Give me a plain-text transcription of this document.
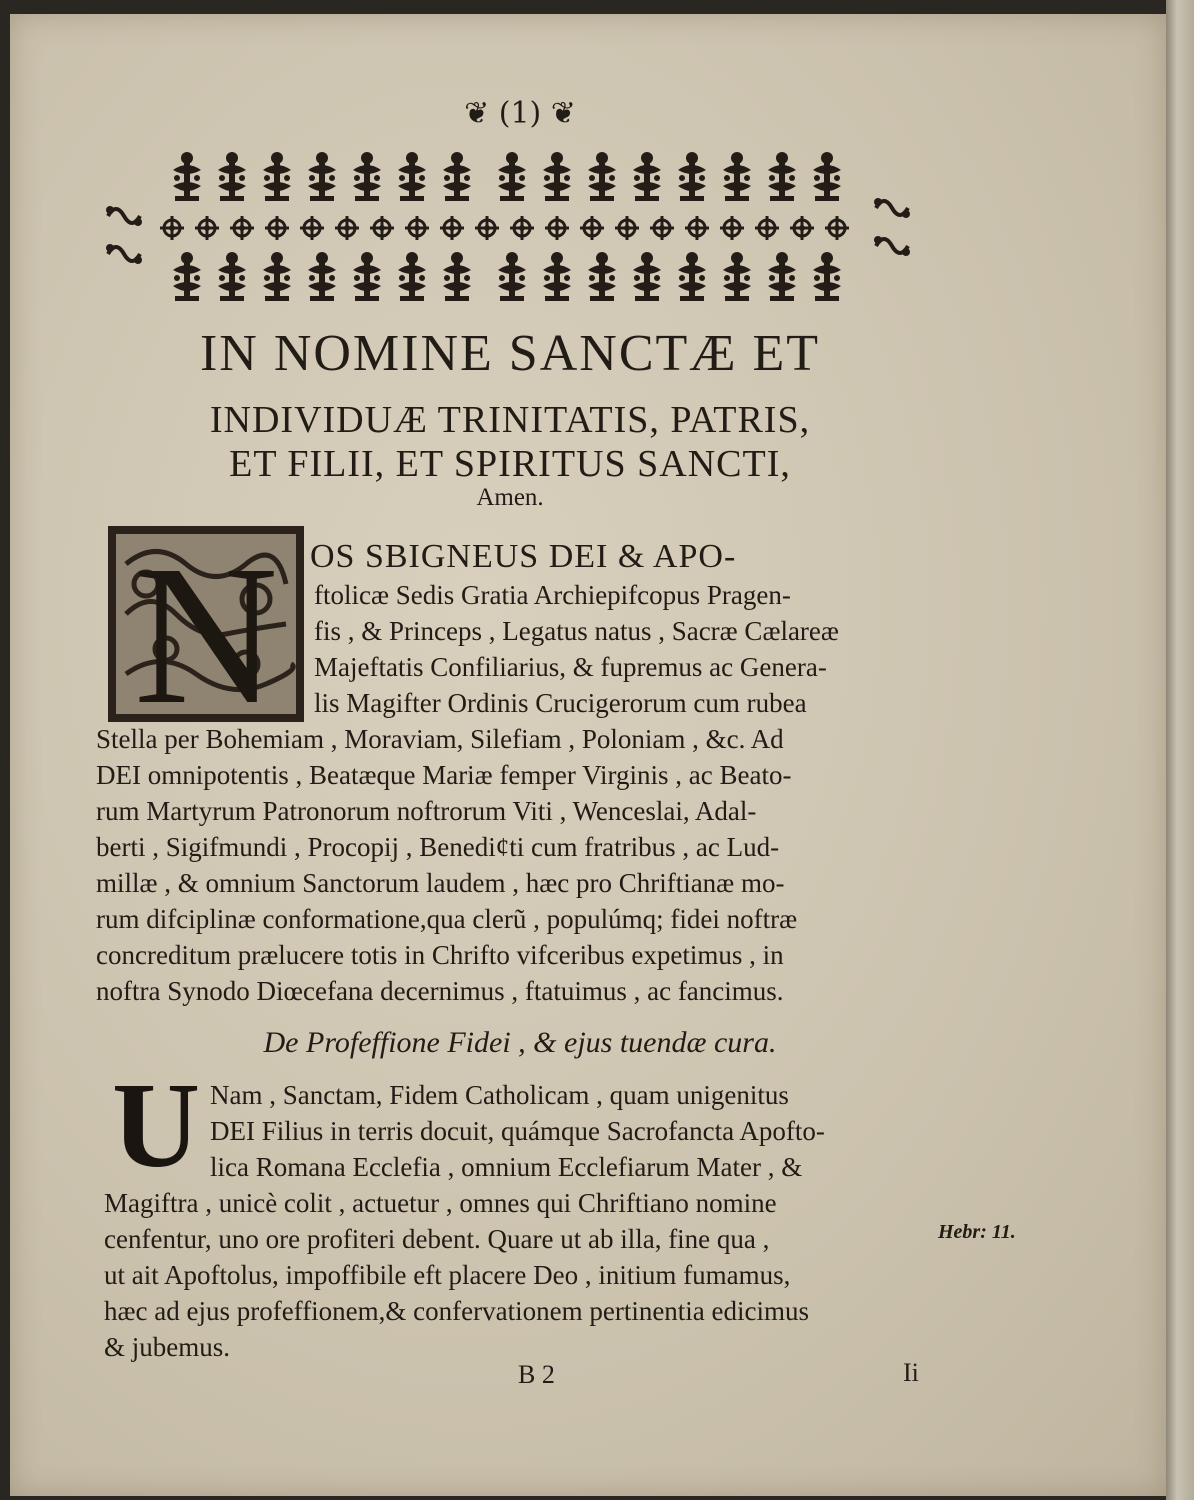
❦ (1) ❦
IN NOMINE SANCTÆ ET
INDIVIDUÆ TRINITATIS, PATRIS,
ET FILII, ET SPIRITUS SANCTI,
Amen.
N OS SBIGNEUS DEI & APO-
ftolicæ Sedis Gratia Archiepifcopus Pragen-
fis , & Princeps , Legatus natus , Sacræ Cælareæ
Majeftatis Confiliarius, & fupremus ac Genera-
lis Magifter Ordinis Crucigerorum cum rubea
Stella per Bohemiam , Moraviam, Silefiam , Poloniam , &c. Ad
DEI omnipotentis , Beatæque Mariæ femper Virginis , ac Beato-
rum Martyrum Patronorum noftrorum Viti , Wenceslai, Adal-
berti , Sigifmundi , Procopij , Benedi¢ti cum fratribus , ac Lud-
millæ , & omnium Sanctorum laudem , hæc pro Chriftianæ mo-
rum difciplinæ conformatione,qua clerũ , populúmq; fidei noftræ
concreditum prælucere totis in Chrifto vifceribus expetimus , in
noftra Synodo Diœcefana decernimus , ftatuimus , ac fancimus.
De Profeffione Fidei , & ejus tuendæ cura.
U Nam , Sanctam, Fidem Catholicam , quam unigenitus
DEI Filius in terris docuit, quámque Sacrofancta Apofto-
lica Romana Ecclefia , omnium Ecclefiarum Mater , &
Magiftra , unicè colit , actuetur , omnes qui Chriftiano nomine
cenfentur, uno ore profiteri debent. Quare ut ab illa, fine qua ,
ut ait Apoftolus, impoffibile eft placere Deo , initium fumamus,
hæc ad ejus profeffionem,& confervationem pertinentia edicimus
& jubemus.
Hebr: 11.
B 2	Ii
